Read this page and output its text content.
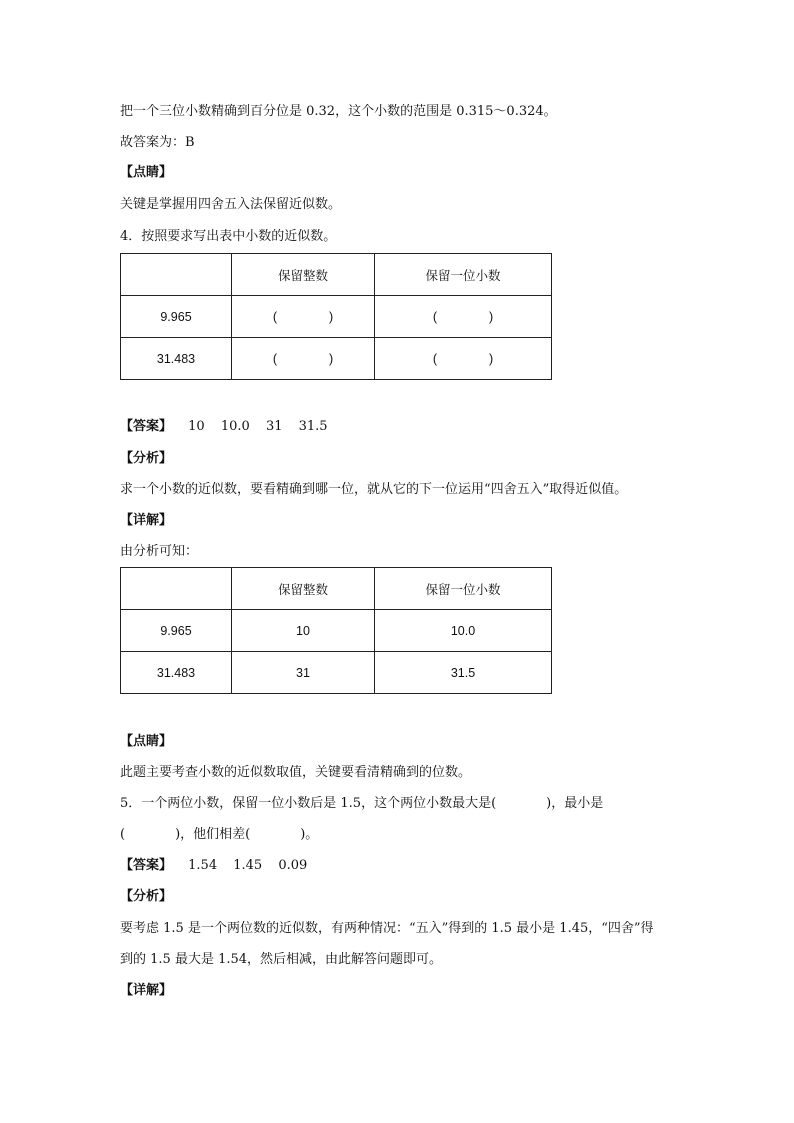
把一个三位小数精确到百分位是 0.32，这个小数的范围是 0.315～0.324。
故答案为：B
【点睛】
关键是掌握用四舍五入法保留近似数。
4．按照要求写出表中小数的近似数。
	保留整数	保留一位小数
9.965	( )	( )
31.483	( )	( )
【答案】 10 10.0 31 31.5
【分析】
求一个小数的近似数，要看精确到哪一位，就从它的下一位运用“四舍五入”取得近似值。
【详解】
由分析可知：
	保留整数	保留一位小数
9.965	10	10.0
31.483	31	31.5
【点睛】
此题主要考查小数的近似数取值，关键要看清精确到的位数。
5．一个两位小数，保留一位小数后是 1.5，这个两位小数最大是(	)，最小是
(	)，他们相差(	)。
【答案】 1.54 1.45 0.09
【分析】
要考虑 1.5 是一个两位数的近似数，有两种情况：“五入”得到的 1.5 最小是 1.45，“四舍”得
到的 1.5 最大是 1.54，然后相减，由此解答问题即可。
【详解】
